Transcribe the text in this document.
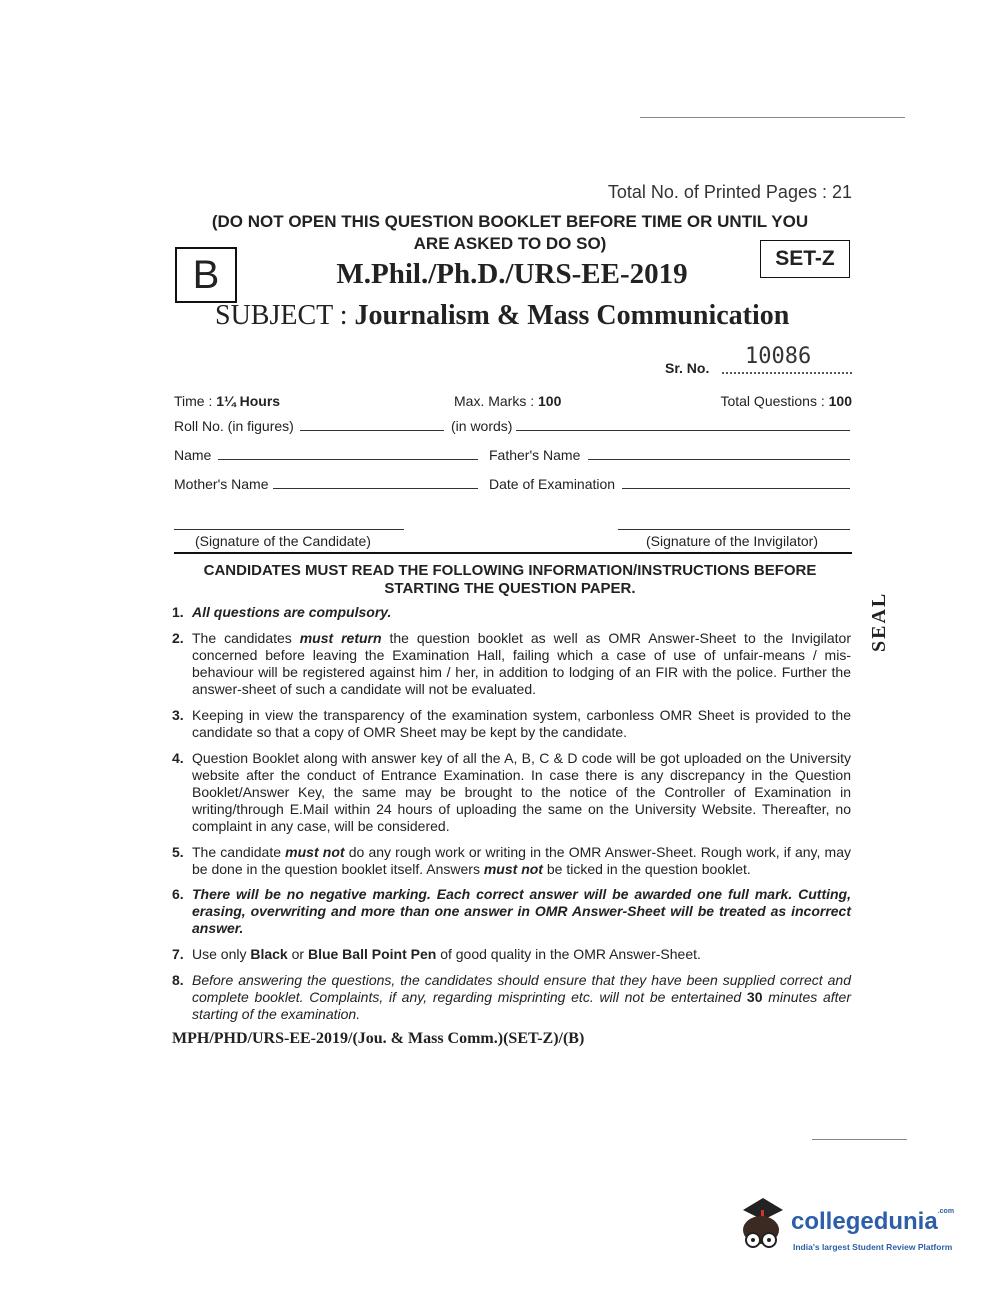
Total No. of Printed Pages : 21
(DO NOT OPEN THIS QUESTION BOOKLET BEFORE TIME OR UNTIL YOU
ARE ASKED TO DO SO)
B	SET-Z
M.Phil./Ph.D./URS-EE-2019
SUBJECT : Journalism & Mass Communication
Sr. No. 10086
Time : 1¼ Hours	Max. Marks : 100	Total Questions : 100
Roll No. (in figures)	(in words)
Name	Father's Name
Mother's Name	Date of Examination
(Signature of the Candidate)	(Signature of the Invigilator)
CANDIDATES MUST READ THE FOLLOWING INFORMATION/INSTRUCTIONS BEFORE
STARTING THE QUESTION PAPER.
SEAL
1. All questions are compulsory.
2. The candidates must return the question booklet as well as OMR Answer-Sheet to the Invigilator concerned before leaving the Examination Hall, failing which a case of use of unfair-means / mis-behaviour will be registered against him / her, in addition to lodging of an FIR with the police. Further the answer-sheet of such a candidate will not be evaluated.
3. Keeping in view the transparency of the examination system, carbonless OMR Sheet is provided to the candidate so that a copy of OMR Sheet may be kept by the candidate.
4. Question Booklet along with answer key of all the A, B, C & D code will be got uploaded on the University website after the conduct of Entrance Examination. In case there is any discrepancy in the Question Booklet/Answer Key, the same may be brought to the notice of the Controller of Examination in writing/through E.Mail within 24 hours of uploading the same on the University Website. Thereafter, no complaint in any case, will be considered.
5. The candidate must not do any rough work or writing in the OMR Answer-Sheet. Rough work, if any, may be done in the question booklet itself. Answers must not be ticked in the question booklet.
6. There will be no negative marking. Each correct answer will be awarded one full mark. Cutting, erasing, overwriting and more than one answer in OMR Answer-Sheet will be treated as incorrect answer.
7. Use only Black or Blue Ball Point Pen of good quality in the OMR Answer-Sheet.
8. Before answering the questions, the candidates should ensure that they have been supplied correct and complete booklet. Complaints, if any, regarding misprinting etc. will not be entertained 30 minutes after starting of the examination.
MPH/PHD/URS-EE-2019/(Jou. & Mass Comm.)(SET-Z)/(B)
collegedunia$^{.com}$
India's largest Student Review Platform
